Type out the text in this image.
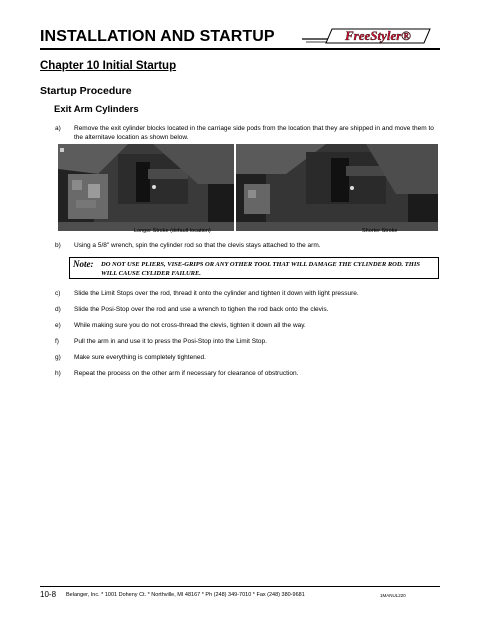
INSTALLATION AND STARTUP	FreeStyler®
Chapter 10 Initial Startup
Startup Procedure
Exit Arm Cylinders
a) Remove the exit cylinder blocks located in the carriage side pods from the location that they are shipped in and move them to the alternitave location as shown below.
Longer Stroke (default location)	Shorter Stroke
b) Using a 5/8" wrench, spin the cylinder rod so that the clevis stays attached to the arm.
Note: DO NOT USE PLIERS, VISE-GRIPS OR ANY OTHER TOOL THAT WILL DAMAGE THE CYLINDER ROD. THIS WILL CAUSE CYLIDER FAILURE.
c) Slide the Limit Stops over the rod, thread it onto the cylinder and tighten it down with light pressure.
d) Slide the Posi-Stop over the rod and use a wrench to tighen the rod back onto the clevis.
e) While making sure you do not cross-thread the clevis, tighten it down all the way.
f) Pull the arm in and use it to press the Posi-Stop into the Limit Stop.
g) Make sure everything is completely tightened.
h) Repeat the process on the other arm if necessary for clearance of obstruction.
10-8 Belanger, Inc. * 1001 Doheny Ct. * Northville, MI 48167 * Ph (248) 349-7010 * Fax (248) 380-9681	1MANUL220
